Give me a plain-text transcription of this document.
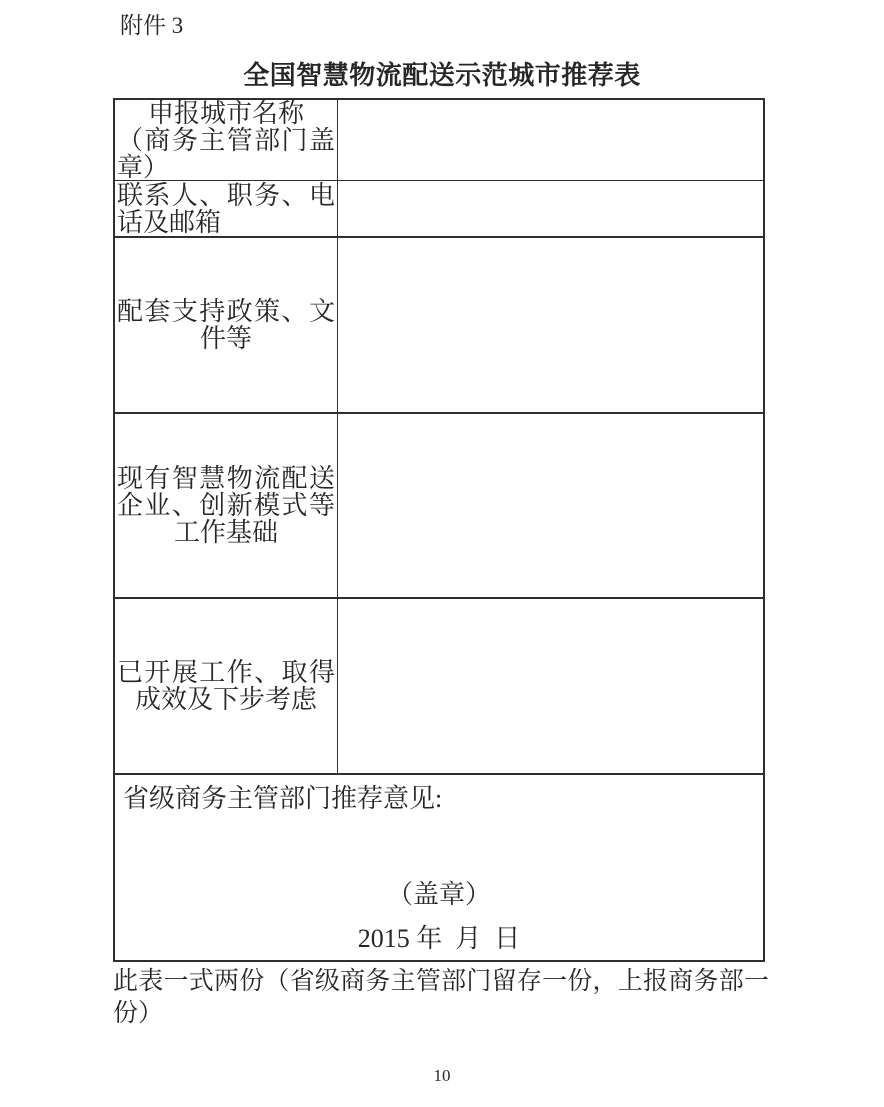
附件 3
全国智慧物流配送示范城市推荐表
申报城市名称
（商务主管部门盖章）
联系人、职务、电话及邮箱
配套支持政策、文件等
现有智慧物流配送企业、创新模式等工作基础
已开展工作、取得成效及下步考虑
省级商务主管部门推荐意见:
（盖章）
2015 年  月  日
此表一式两份（省级商务主管部门留存一份，上报商务部一份）
10
